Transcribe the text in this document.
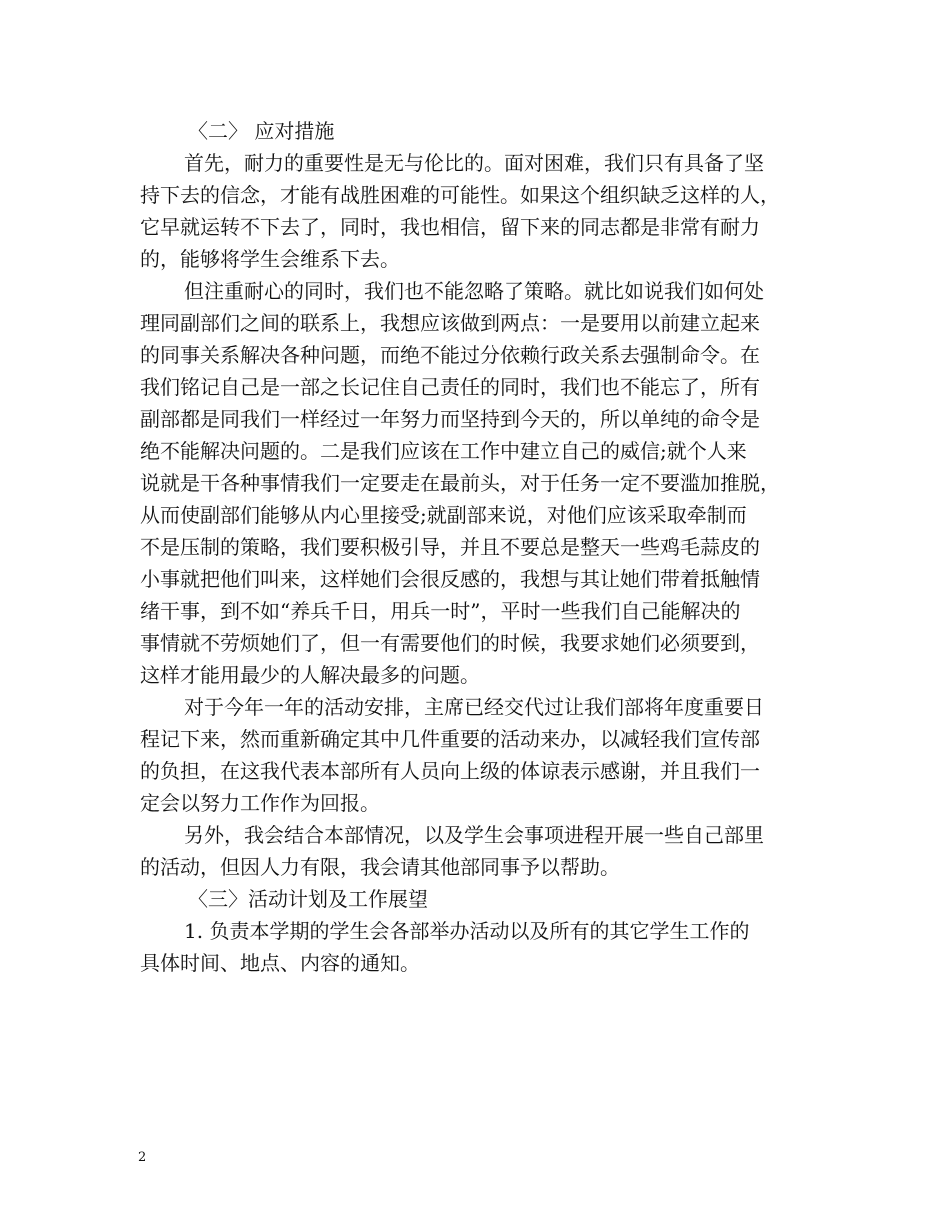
〈二〉 应对措施
首先，耐力的重要性是无与伦比的。面对困难，我们只有具备了坚
持下去的信念，才能有战胜困难的可能性。如果这个组织缺乏这样的人，
它早就运转不下去了，同时，我也相信，留下来的同志都是非常有耐力
的，能够将学生会维系下去。
但注重耐心的同时，我们也不能忽略了策略。就比如说我们如何处
理同副部们之间的联系上，我想应该做到两点：一是要用以前建立起来
的同事关系解决各种问题，而绝不能过分依赖行政关系去强制命令。在
我们铭记自己是一部之长记住自己责任的同时，我们也不能忘了，所有
副部都是同我们一样经过一年努力而坚持到今天的，所以单纯的命令是
绝不能解决问题的。二是我们应该在工作中建立自己的威信;就个人来
说就是干各种事情我们一定要走在最前头，对于任务一定不要滥加推脱，
从而使副部们能够从内心里接受;就副部来说，对他们应该采取牵制而
不是压制的策略，我们要积极引导，并且不要总是整天一些鸡毛蒜皮的
小事就把他们叫来，这样她们会很反感的，我想与其让她们带着抵触情
绪干事，到不如“养兵千日，用兵一时”，平时一些我们自己能解决的
事情就不劳烦她们了，但一有需要他们的时候，我要求她们必须要到，
这样才能用最少的人解决最多的问题。
对于今年一年的活动安排，主席已经交代过让我们部将年度重要日
程记下来，然而重新确定其中几件重要的活动来办，以减轻我们宣传部
的负担，在这我代表本部所有人员向上级的体谅表示感谢，并且我们一
定会以努力工作作为回报。
另外，我会结合本部情况，以及学生会事项进程开展一些自己部里
的活动，但因人力有限，我会请其他部同事予以帮助。
〈三〉活动计划及工作展望
1. 负责本学期的学生会各部举办活动以及所有的其它学生工作的
具体时间、地点、内容的通知。
2
